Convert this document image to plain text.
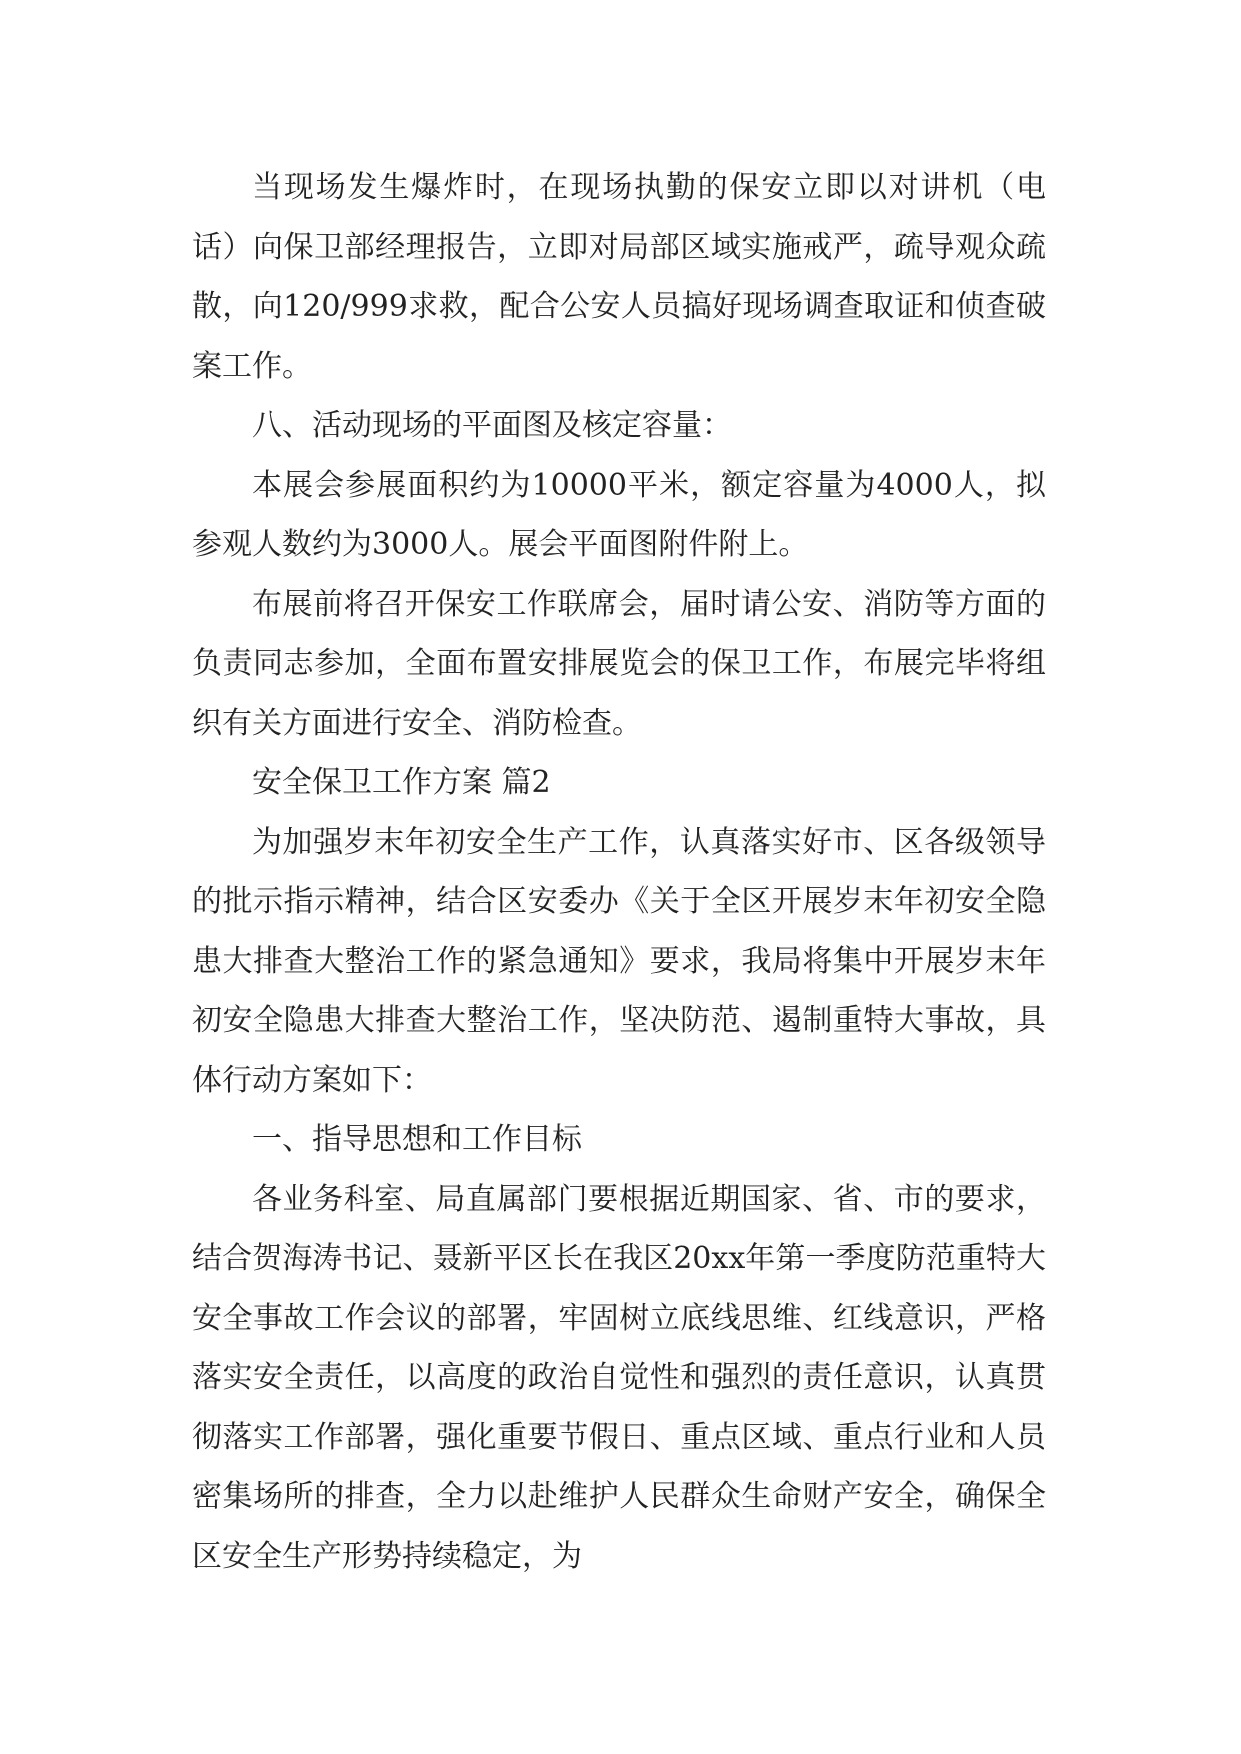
当现场发生爆炸时，在现场执勤的保安立即以对讲机（电话）向保卫部经理报告，立即对局部区域实施戒严，疏导观众疏散，向120/999求救，配合公安人员搞好现场调查取证和侦查破案工作。

八、活动现场的平面图及核定容量：

本展会参展面积约为10000平米，额定容量为4000人，拟参观人数约为3000人。展会平面图附件附上。

布展前将召开保安工作联席会，届时请公安、消防等方面的负责同志参加，全面布置安排展览会的保卫工作，布展完毕将组织有关方面进行安全、消防检查。

安全保卫工作方案 篇2

为加强岁末年初安全生产工作，认真落实好市、区各级领导的批示指示精神，结合区安委办《关于全区开展岁末年初安全隐患大排查大整治工作的紧急通知》要求，我局将集中开展岁末年初安全隐患大排查大整治工作，坚决防范、遏制重特大事故，具体行动方案如下：

一、指导思想和工作目标

各业务科室、局直属部门要根据近期国家、省、市的要求，结合贺海涛书记、聂新平区长在我区20xx年第一季度防范重特大安全事故工作会议的部署，牢固树立底线思维、红线意识，严格落实安全责任，以高度的政治自觉性和强烈的责任意识，认真贯彻落实工作部署，强化重要节假日、重点区域、重点行业和人员密集场所的排查，全力以赴维护人民群众生命财产安全，确保全区安全生产形势持续稳定，为
